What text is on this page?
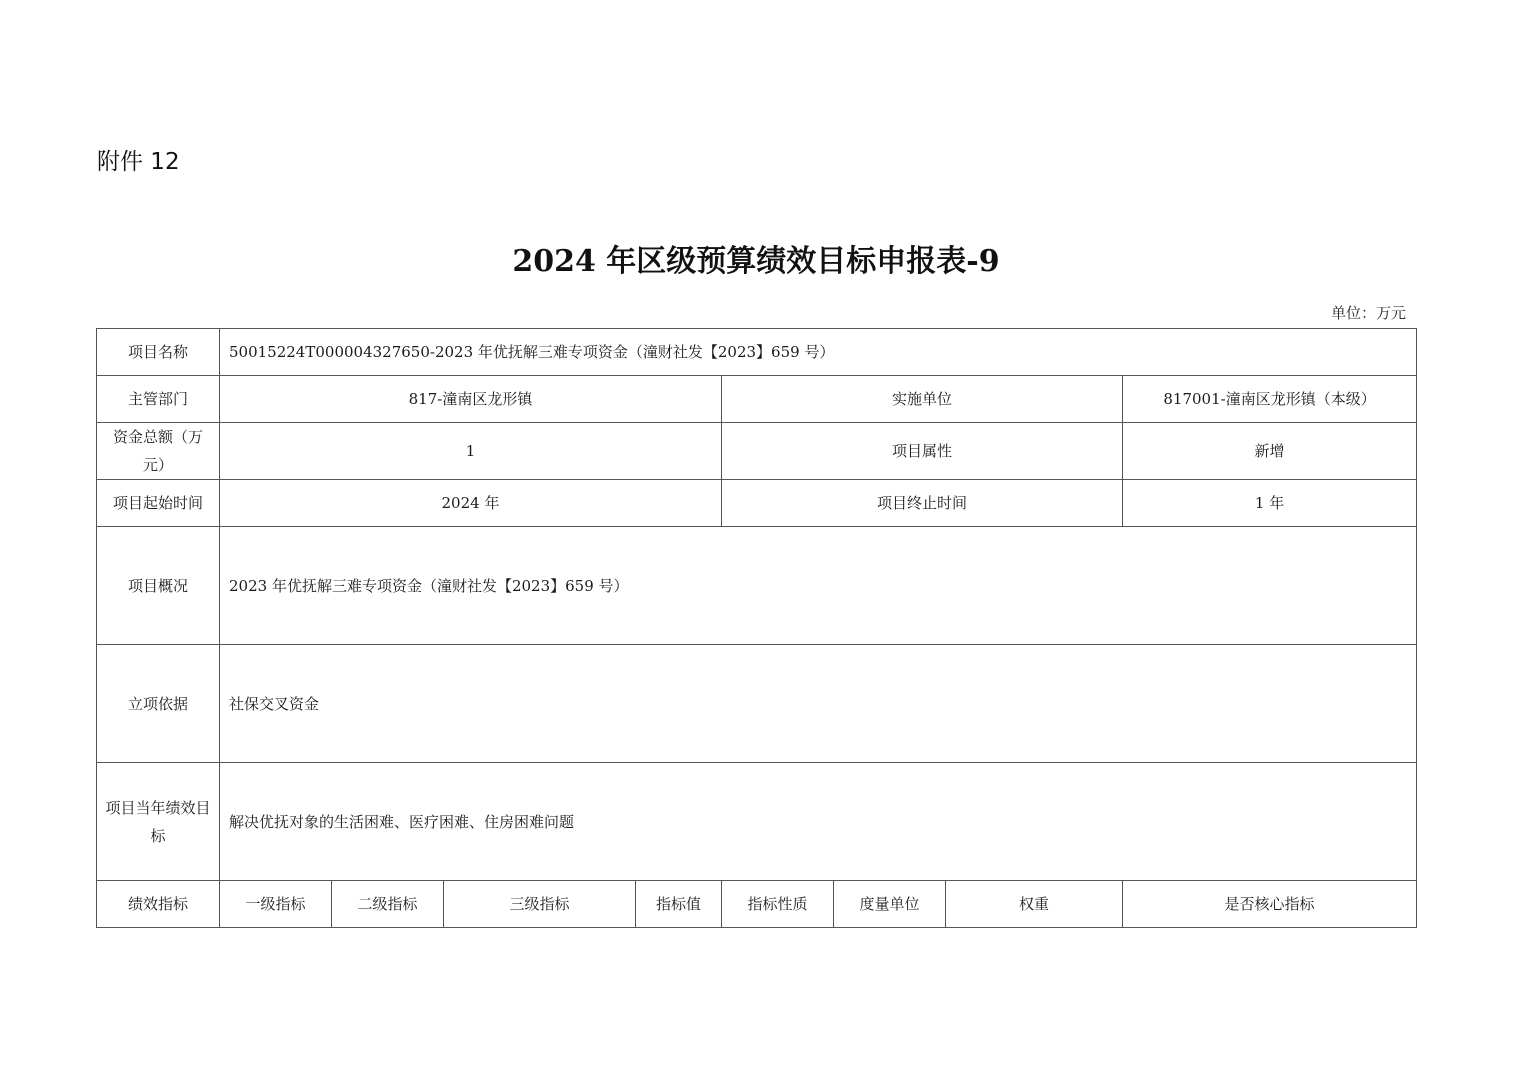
附件 12
2024 年区级预算绩效目标申报表-9
单位：万元
项目名称	50015224T000004327650-2023 年优抚解三难专项资金（潼财社发【2023】659 号）							
主管部门	817-潼南区龙形镇				实施单位			817001-潼南区龙形镇（本级）
资金总额（万元）	1				项目属性			新增
项目起始时间	2024 年				项目终止时间			1 年
项目概况	2023 年优抚解三难专项资金（潼财社发【2023】659 号）							
立项依据	社保交叉资金							
项目当年绩效目标	解决优抚对象的生活困难、医疗困难、住房困难问题							
绩效指标	一级指标	二级指标	三级指标	指标值	指标性质	度量单位	权重	是否核心指标
